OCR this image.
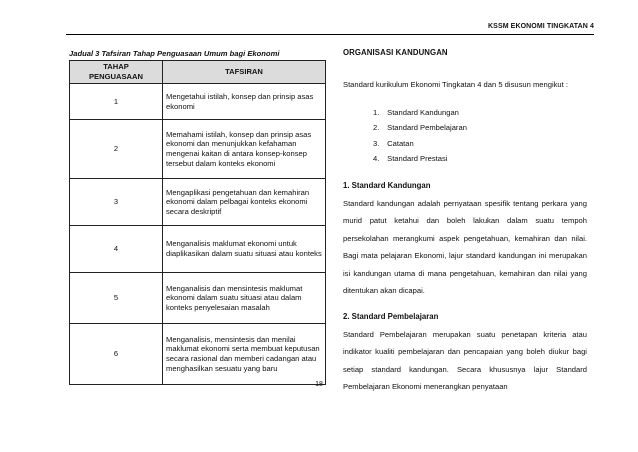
KSSM EKONOMI TINGKATAN 4
Jadual 3 Tafsiran Tahap Penguasaan Umum bagi Ekonomi
TAHAP
PENGUASAAN	TAFSIRAN
1	Mengetahui istilah, konsep dan prinsip asas ekonomi
2	Memahami istilah, konsep dan prinsip asas ekonomi dan menunjukkan kefahaman mengenai kaitan di antara konsep-konsep tersebut dalam konteks ekonomi
3	Mengaplikasi pengetahuan dan kemahiran ekonomi dalam pelbagai konteks ekonomi secara deskriptif
4	Menganalisis maklumat ekonomi untuk diaplikasikan dalam suatu situasi atau konteks
5	Menganalisis dan mensintesis maklumat ekonomi dalam suatu situasi atau dalam konteks penyelesaian masalah
6	Menganalisis, mensintesis dan menilai maklumat ekonomi serta membuat keputusan secara rasional dan memberi cadangan atau menghasilkan sesuatu yang baru
ORGANISASI KANDUNGAN
Standard kurikulum Ekonomi Tingkatan 4 dan 5 disusun mengikut :
1. Standard Kandungan
2. Standard Pembelajaran
3. Catatan
4. Standard Prestasi
1. Standard Kandungan
Standard kandungan adalah pernyataan spesifik tentang perkara yang murid patut ketahui dan boleh lakukan dalam suatu tempoh persekolahan merangkumi aspek pengetahuan, kemahiran dan nilai. Bagi mata pelajaran Ekonomi, lajur standard kandungan ini merupakan isi kandungan utama di mana pengetahuan, kemahiran dan nilai yang ditentukan akan dicapai.
2. Standard Pembelajaran
Standard Pembelajaran merupakan suatu penetapan kriteria atau indikator kualiti pembelajaran dan pencapaian yang boleh diukur bagi setiap standard kandungan. Secara khususnya lajur Standard Pembelajaran Ekonomi menerangkan penyataan
18
